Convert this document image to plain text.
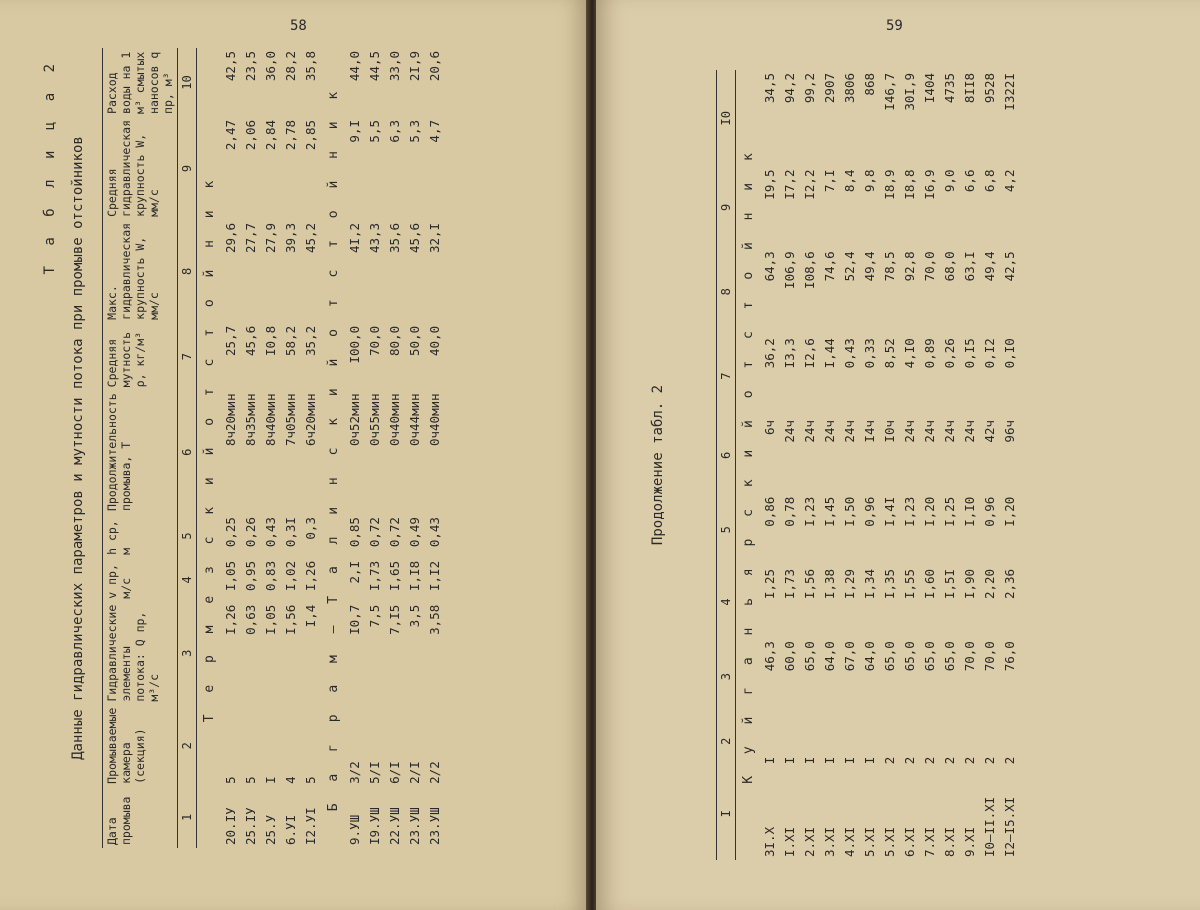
58
Т а б л и ц а 2 Данные гидравлических параметров и мутности потока при промыве отстойников
Дата промыва	Промываемые камера (секция)	Гидравлические элементы потока: Q пр, м³/с	v пр, м/с	h ср, м	Продолжительность промыва, T	Средняя мутность ρ, кг/м³	Макс. гидравлическая крупность W, мм/с	Средняя гидравлическая крупность W, мм/с	Расход воды на 1 м³ смытых наносов q пр, м³
1	2	3	4	5	6	7	8	9	10
Т е р м е з с к и й о т с т о й н и к									
20.IУ	5	I,26	I,05	0,25	8ч20мин	25,7	29,6	2,47	42,5
25.IУ	5	0,63	0,95	0,26	8ч35мин	45,6	27,7	2,06	23,5
25.У	I	I,05	0,83	0,43	8ч40мин	I0,8	27,9	2,84	36,0
6.УI	4	I,56	I,02	0,3I	7ч05мин	58,2	39,3	2,78	28,2
I2.УI	5	I,4	I,26	0,3	6ч20мин	35,2	45,2	2,85	35,8
Б а г р а м – Т а л и н с к и й о т с т о й н и к									
9.УШ	3/2	I0,7	2,I	0,85	0ч52мин	I00,0	4I,2	9,I	44,0
I9.УШ	5/I	7,5	I,73	0,72	0ч55мин	70,0	43,3	5,5	44,5
22.УШ	6/I	7,I5	I,65	0,72	0ч40мин	80,0	35,6	6,3	33,0
23.УШ	2/I	3,5	I,I8	0,49	0ч44мин	50,0	45,6	5,3	2I,9
23.УШ	2/2	3,58	I,I2	0,43	0ч40мин	40,0	32,I	4,7	20,6
59
Продолжение табл. 2
I	2	3	4	5	6	7	8	9	I0
К у й г а н ь я р с к и й о т с т о й н и к									
3I.X	I	46,3	I,25	0,86	6ч	36,2	64,3	I9,5	34,5
I.XI	I	60,0	I,73	0,78	24ч	I3,3	I06,9	I7,2	94,2
2.XI	I	65,0	I,56	I,23	24ч	I2,6	I08,6	I2,2	99,2
3.XI	I	64,0	I,38	I,45	24ч	I,44	74,6	7,I	2907
4.XI	I	67,0	I,29	I,50	24ч	0,43	52,4	8,4	3806
5.XI	I	64,0	I,34	0,96	I4ч	0,33	49,4	9,8	868
5.XI	2	65,0	I,35	I,4I	I0ч	8,52	78,5	I8,9	I46,7
6.XI	2	65,0	I,55	I,23	24ч	4,I0	92,8	I8,8	30I,9
7.XI	2	65,0	I,60	I,20	24ч	0,89	70,0	I6,9	I404
8.XI	2	65,0	I,5I	I,25	24ч	0,26	68,0	9,0	4735
9.XI	2	70,0	I,90	I,I0	24ч	0,I5	63,I	6,6	8II8
I0–II.XI	2	70,0	2,20	0,96	42ч	0,I2	49,4	6,8	9528
I2–I5.XI	2	76,0	2,36	I,20	96ч	0,I0	42,5	4,2	I322I
